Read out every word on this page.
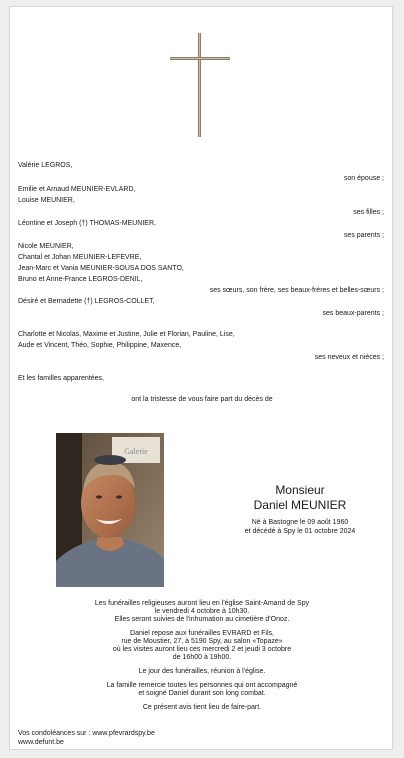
Valérie LEGROS,
son épouse ;
Emilie et Arnaud MEUNIER-EVLARD,
Louise MEUNIER,
ses filles ;
Léontine et Joseph (†) THOMAS-MEUNIER,
ses parents ;
Nicole MEUNIER,
Chantal et Johan MEUNIER-LEFEVRE,
Jean-Marc et Vania MEUNIER-SOUSA DOS SANTO,
Bruno et Anne-France LEGROS-DENIL,
ses sœurs, son frère, ses beaux-frères et belles-sœurs ;
Désiré et Bernadette (†) LEGROS-COLLET,
ses beaux-parents ;
Charlotte et Nicolas, Maxime et Justine, Julie et Florian, Pauline, Lise,
Aude et Vincent, Théo, Sophie, Philippine, Maxence,
ses neveux et nièces ;
Et les familles apparentées,
ont la tristesse de vous faire part du décès de
Galerie
Monsieur
Daniel MEUNIER
Né à Bastogne le 09 août 1960
et décédé à Spy le 01 octobre 2024
Les funérailles religieuses auront lieu en l'église Saint-Amand de Spy
le vendredi 4 octobre à 10h30.
Elles seront suivies de l'inhumation au cimetière d'Onoz.
Daniel repose aux funérailles EVRARD et Fils,
rue de Moustier, 27, à 5190 Spy, au salon «Topaze»
où les visites auront lieu ces mercredi 2 et jeudi 3 octobre
de 16h00 à 19h00.
Le jour des funérailles, réunion à l'église.
La famille remercie toutes les personnes qui ont accompagné
et soigné Daniel durant son long combat.
Ce présent avis tient lieu de faire-part.
Vos condoléances sur : www.pfevrardspy.be
www.defunt.be
